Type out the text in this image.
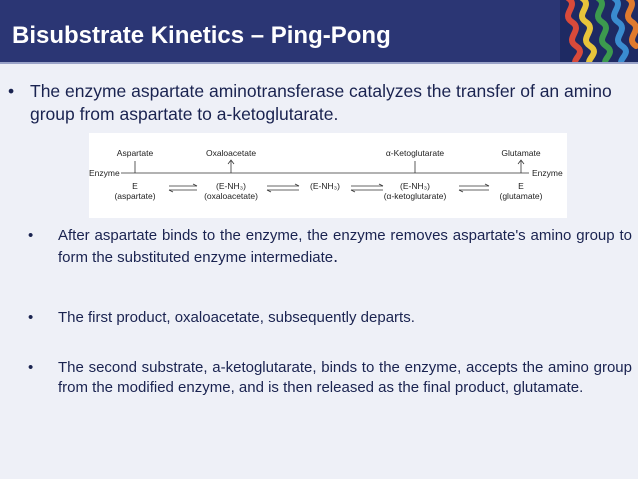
Bisubstrate Kinetics – Ping-Pong
• The enzyme aspartate aminotransferase catalyzes the transfer of an amino group from aspartate to a-ketoglutarate.
Enzyme	Enzyme
Aspartate	Oxaloacetate	α-Ketoglutarate	Glutamate
E
(aspartate)
(E-NH₃)
(oxaloacetate)
(E-NH₃)	(E-NH₃)
(α-ketoglutarate)
E
(glutamate)
• After aspartate binds to the enzyme, the enzyme removes aspartate's amino group to form the substituted enzyme intermediate.
• The first product, oxaloacetate, subsequently departs.
• The second substrate, a-ketoglutarate, binds to the enzyme, accepts the amino group from the modified enzyme, and is then released as the final product, glutamate.
